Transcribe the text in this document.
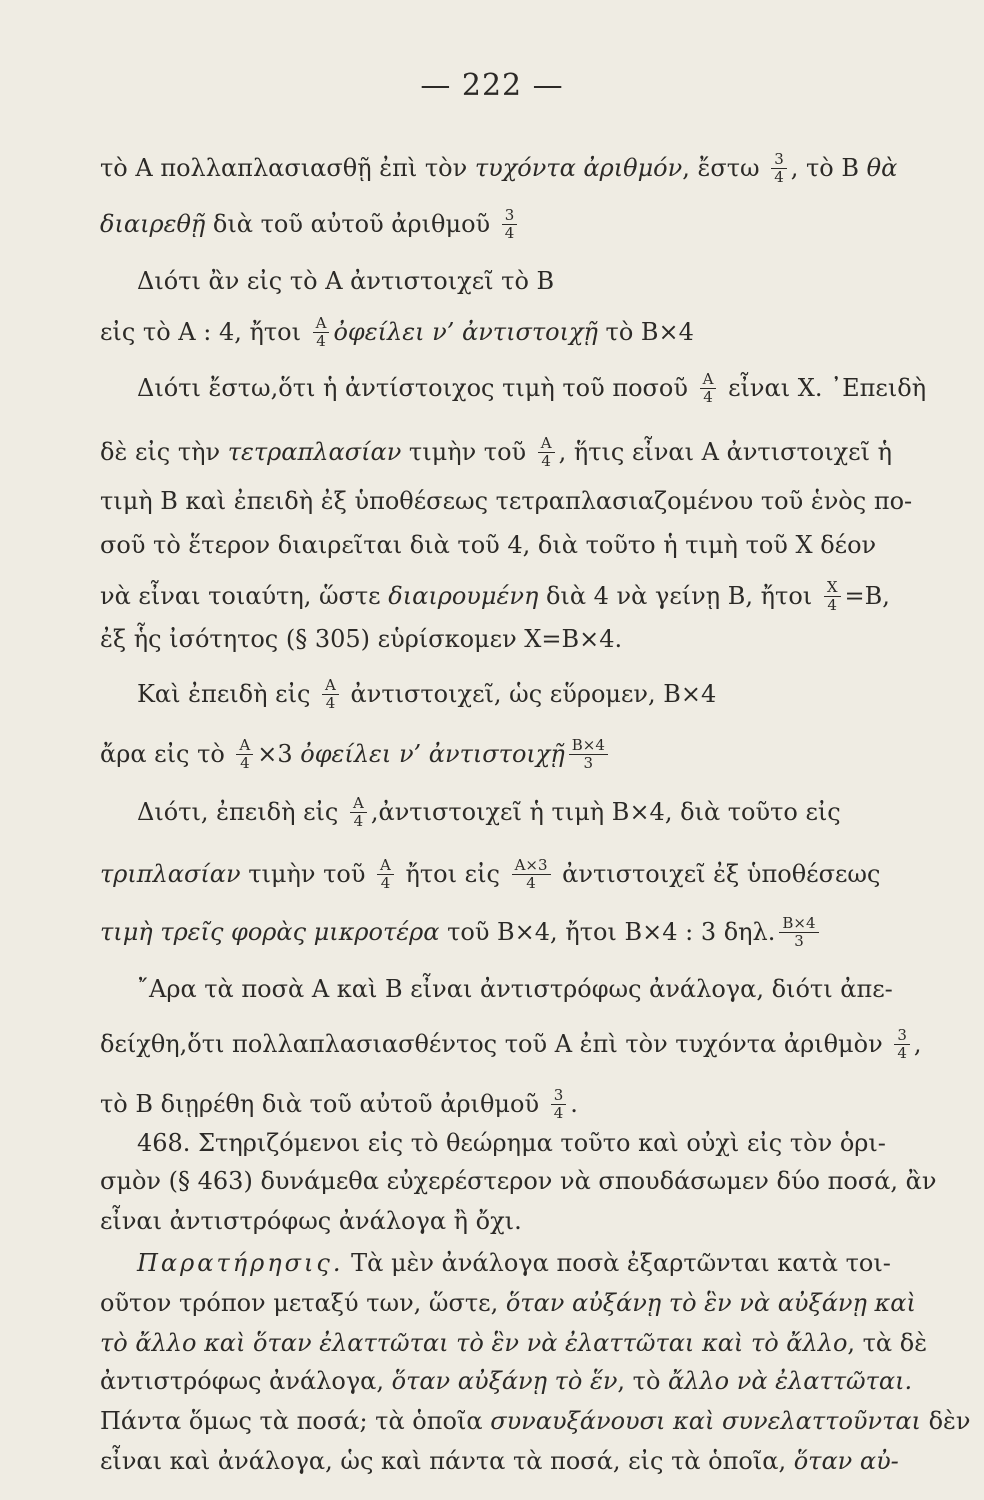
— 222 —
τὸ Α πολλαπλασιασθῇ ἐπὶ τὸν τυχόντα ἀριθμόν, ἔστω $\frac{3}{4}$ , τὸ Β θὰ
διαιρεθῇ διὰ τοῦ αὐτοῦ ἀριθμοῦ $\frac{3}{4}$
Διότι ἂν εἰς τὸ Α ἀντιστοιχεῖ τὸ Β
εἰς τὸ Α : 4, ἤτοι $\frac{A}{4}$ ὀφείλει ν’ ἀντιστοιχῇ τὸ Β×4
Διότι ἔστω,ὅτι ἡ ἀντίστοιχος τιμὴ τοῦ ποσοῦ $\frac{A}{4}$ εἶναι Χ. ᾿Επειδὴ
δὲ εἰς τὴν τετραπλασίαν τιμὴν τοῦ $\frac{A}{4}$ , ἥτις εἶναι Α ἀντιστοιχεῖ ἡ
τιμὴ Β καὶ ἐπειδὴ ἐξ ὑποθέσεως τετραπλασιαζομένου τοῦ ἑνὸς πο-
σοῦ τὸ ἕτερον διαιρεῖται διὰ τοῦ 4, διὰ τοῦτο ἡ τιμὴ τοῦ Χ δέον
νὰ εἶναι τοιαύτη, ὥστε διαιρουμένη διὰ 4 νὰ γείνῃ Β, ἤτοι $\frac{X}{4} =B$,
ἐξ ἧς ἰσότητος (§ 305) εὑρίσκομεν Χ=Β×4.
Καὶ ἐπειδὴ εἰς $\frac{A}{4}$ ἀντιστοιχεῖ, ὡς εὕρομεν, Β×4
ἄρα εἰς τὸ $\frac{A}{4} \times 3$ ὀφείλει ν’ ἀντιστοιχῇ $\frac{B\times 4}{3}$
Διότι, ἐπειδὴ εἰς $\frac{A}{4}$ ,ἀντιστοιχεῖ ἡ τιμὴ Β×4, διὰ τοῦτο εἰς
τριπλασίαν τιμὴν τοῦ $\frac{A}{4}$ ἤτοι εἰς $\frac{A\times 3}{4}$ ἀντιστοιχεῖ ἐξ ὑποθέσεως
τιμὴ τρεῖς φορὰς μικροτέρα τοῦ Β×4, ἤτοι Β×4 : 3 δηλ. $\frac{B\times 4}{3}$
῎Αρα τὰ ποσὰ Α καὶ Β εἶναι ἀντιστρόφως ἀνάλογα, διότι ἀπε-
δείχθη,ὅτι πολλαπλασιασθέντος τοῦ Α ἐπὶ τὸν τυχόντα ἀριθμὸν $\frac{3}{4}$ ,
τὸ Β διῃρέθη διὰ τοῦ αὐτοῦ ἀριθμοῦ $\frac{3}{4}$ .
468. Στηριζόμενοι εἰς τὸ θεώρημα τοῦτο καὶ οὐχὶ εἰς τὸν ὁρι-
σμὸν (§ 463) δυνάμεθα εὐχερέστερον νὰ σπουδάσωμεν δύο ποσά, ἂν
εἶναι ἀντιστρόφως ἀνάλογα ἢ ὄχι.
Παρατήρησις. Τὰ μὲν ἀνάλογα ποσὰ ἐξαρτῶνται κατὰ τοι-
οῦτον τρόπον μεταξύ των, ὥστε, ὅταν αὐξάνῃ τὸ ἓν νὰ αὐξάνῃ καὶ
τὸ ἄλλο καὶ ὅταν ἐλαττῶται τὸ ἓν νὰ ἐλαττῶται καὶ τὸ ἄλλο, τὰ δὲ
ἀντιστρόφως ἀνάλογα, ὅταν αὐξάνῃ τὸ ἕν, τὸ ἄλλο νὰ ἐλαττῶται.
Πάντα ὅμως τὰ ποσά; τὰ ὁποῖα συναυξάνουσι καὶ συνελαττοῦνται δὲν
εἶναι καὶ ἀνάλογα, ὡς καὶ πάντα τὰ ποσά, εἰς τὰ ὁποῖα, ὅταν αὐ-
